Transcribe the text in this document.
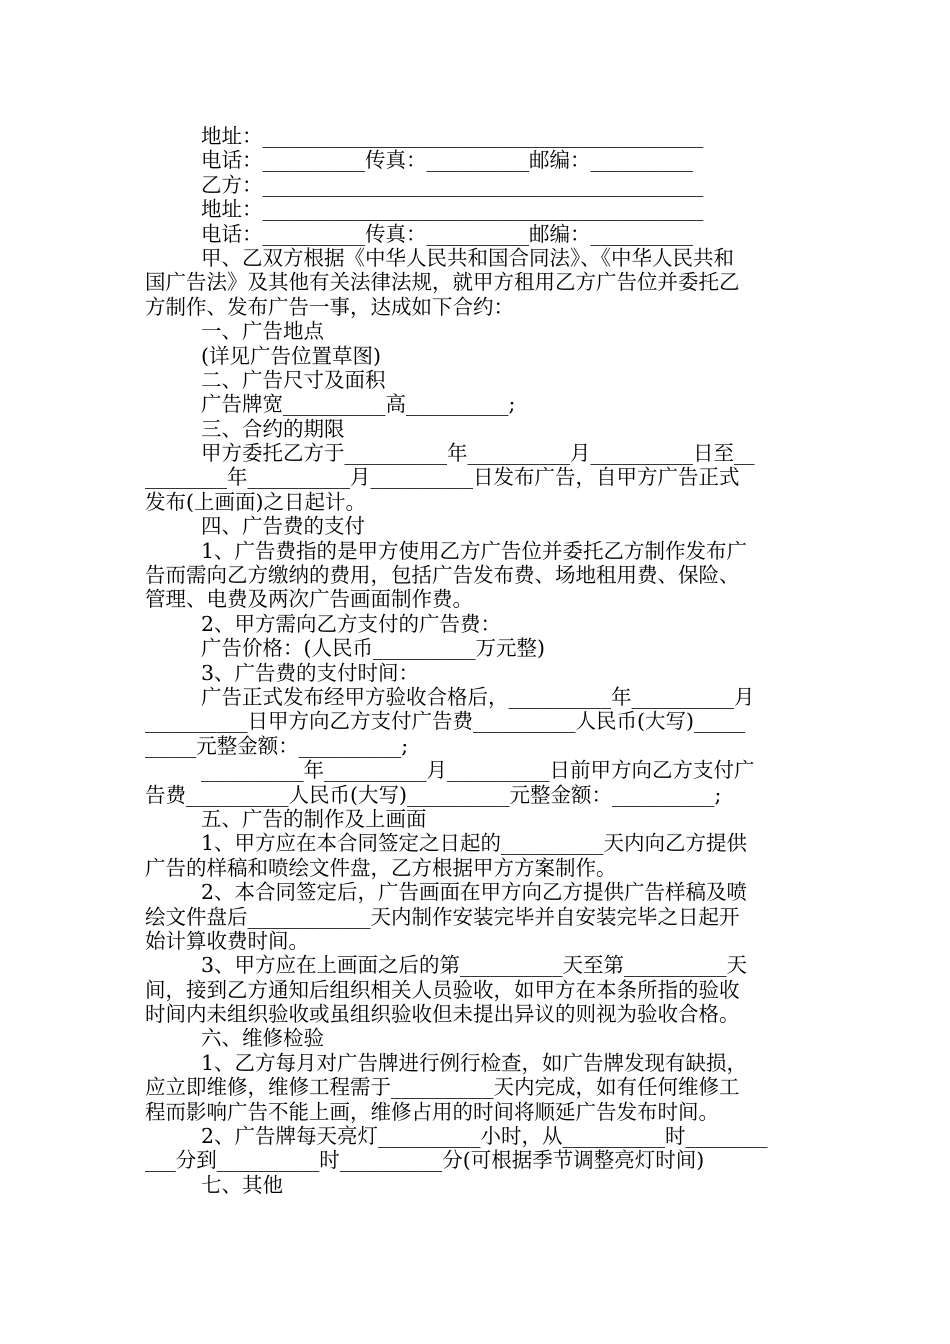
地址：___________________________________________
电话：__________传真：__________邮编：__________
乙方：___________________________________________
地址：___________________________________________
电话：__________传真：__________邮编：__________
甲、乙双方根据《中华人民共和国合同法》、《中华人民共和
国广告法》及其他有关法律法规，就甲方租用乙方广告位并委托乙
方制作、发布广告一事，达成如下合约：
一、广告地点
(详见广告位置草图)
二、广告尺寸及面积
广告牌宽__________高__________;
三、合约的期限
甲方委托乙方于__________年__________月__________日至__
________年__________月__________日发布广告，自甲方广告正式
发布(上画面)之日起计。
四、广告费的支付
1、广告费指的是甲方使用乙方广告位并委托乙方制作发布广
告而需向乙方缴纳的费用，包括广告发布费、场地租用费、保险、
管理、电费及两次广告画面制作费。
2、甲方需向乙方支付的广告费：
广告价格：(人民币__________万元整)
3、广告费的支付时间：
广告正式发布经甲方验收合格后，__________年__________月
__________日甲方向乙方支付广告费__________人民币(大写)_____
_____元整金额：__________;
__________年__________月__________日前甲方向乙方支付广
告费__________人民币(大写)__________元整金额：__________;
五、广告的制作及上画面
1、甲方应在本合同签定之日起的__________天内向乙方提供
广告的样稿和喷绘文件盘，乙方根据甲方方案制作。
2、本合同签定后，广告画面在甲方向乙方提供广告样稿及喷
绘文件盘后____________天内制作安装完毕并自安装完毕之日起开
始计算收费时间。
3、甲方应在上画面之后的第__________天至第__________天
间，接到乙方通知后组织相关人员验收，如甲方在本条所指的验收
时间内未组织验收或虽组织验收但未提出异议的则视为验收合格。
六、维修检验
1、乙方每月对广告牌进行例行检查，如广告牌发现有缺损，
应立即维修，维修工程需于__________天内完成，如有任何维修工
程而影响广告不能上画，维修占用的时间将顺延广告发布时间。
2、广告牌每天亮灯__________小时，从__________时________
___分到__________时__________分(可根据季节调整亮灯时间)
七、其他
